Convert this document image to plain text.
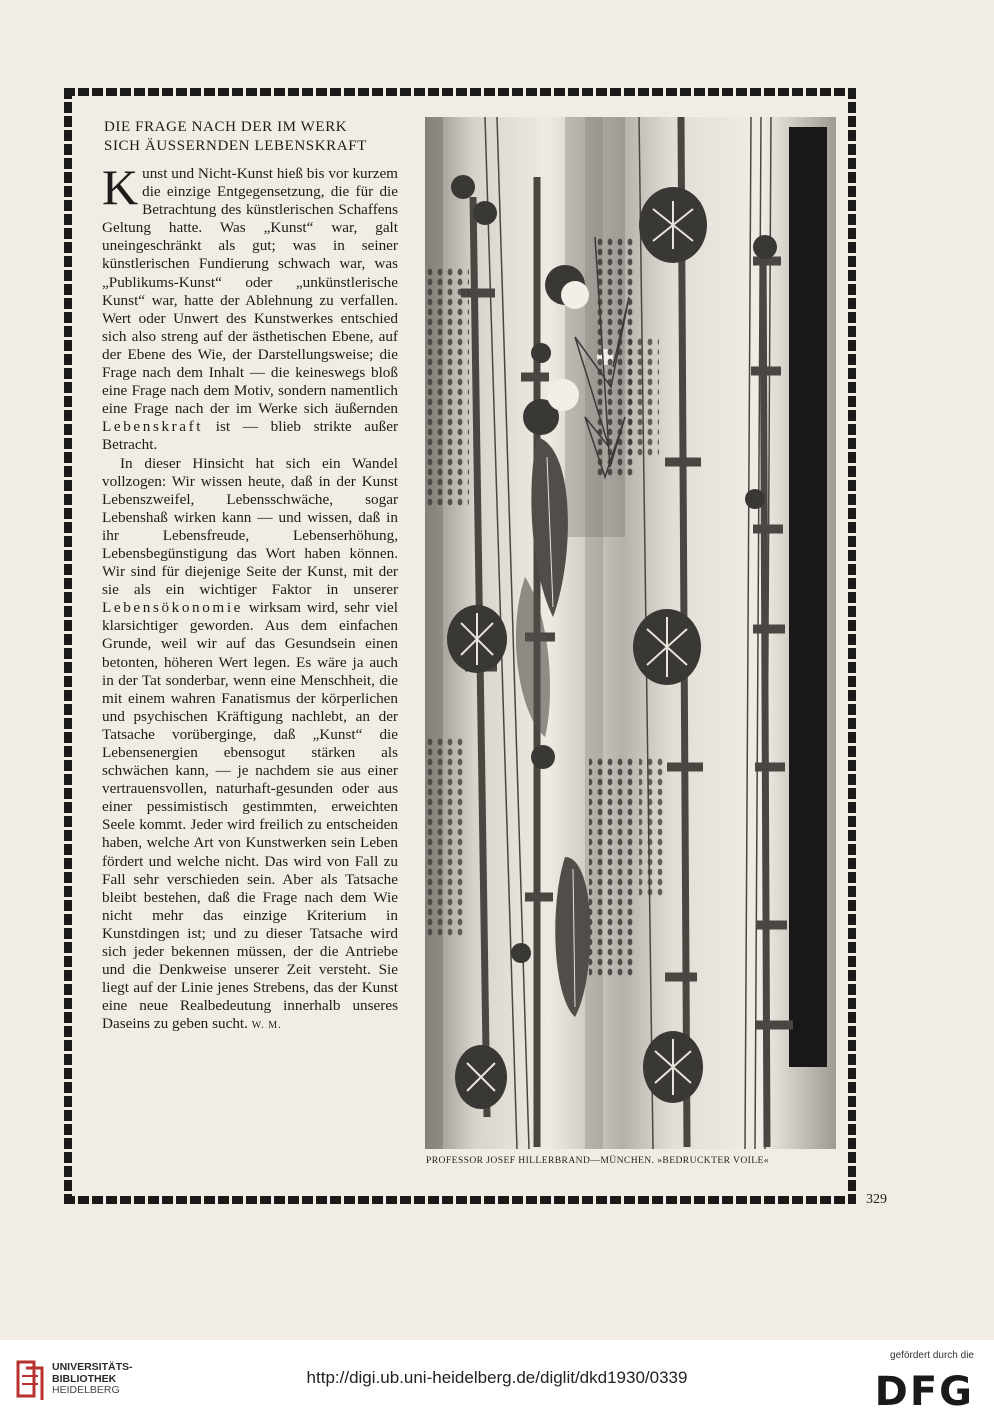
DIE FRAGE NACH DER IM WERK
SICH ÄUSSERNDEN LEBENSKRAFT

Kunst und Nicht-Kunst hieß bis vor kurzem die einzige Entgegensetzung, die für die Betrachtung des künstlerischen Schaffens Geltung hatte. Was „Kunst“ war, galt uneingeschränkt als gut; was in seiner künstlerischen Fundierung schwach war, was „Publikums-Kunst“ oder „unkünstlerische Kunst“ war, hatte der Ablehnung zu verfallen. Wert oder Unwert des Kunstwerkes entschied sich also streng auf der ästhetischen Ebene, auf der Ebene des Wie, der Darstellungsweise; die Frage nach dem Inhalt — die keineswegs bloß eine Frage nach dem Motiv, sondern namentlich eine Frage nach der im Werke sich äußernden Lebenskraft ist — blieb strikte außer Betracht.

In dieser Hinsicht hat sich ein Wandel vollzogen: Wir wissen heute, daß in der Kunst Lebenszweifel, Lebensschwäche, sogar Lebenshaß wirken kann — und wissen, daß in ihr Lebensfreude, Lebenserhöhung, Lebensbegünstigung das Wort haben können. Wir sind für diejenige Seite der Kunst, mit der sie als ein wichtiger Faktor in unserer Lebensökonomie wirksam wird, sehr viel klarsichtiger geworden. Aus dem einfachen Grunde, weil wir auf das Gesundsein einen betonten, höheren Wert legen. Es wäre ja auch in der Tat sonderbar, wenn eine Menschheit, die mit einem wahren Fanatismus der körperlichen und psychischen Kräftigung nachlebt, an der Tatsache vorüberginge, daß „Kunst“ die Lebensenergien ebensogut stärken als schwächen kann, — je nachdem sie aus einer vertrauensvollen, naturhaft-gesunden oder aus einer pessimistisch gestimmten, erweichten Seele kommt. Jeder wird freilich zu entscheiden haben, welche Art von Kunstwerken sein Leben fördert und welche nicht. Das wird von Fall zu Fall sehr verschieden sein. Aber als Tatsache bleibt bestehen, daß die Frage nach dem Wie nicht mehr das einzige Kriterium in Kunstdingen ist; und zu dieser Tatsache wird sich jeder bekennen müssen, der die Antriebe und die Denkweise unserer Zeit versteht. Sie liegt auf der Linie jenes Strebens, das der Kunst eine neue Realbedeutung innerhalb unseres Daseins zu geben sucht. W. M.

PROFESSOR JOSEF HILLERBRAND—MÜNCHEN. »BEDRUCKTER VOILE«
329
UNIVERSITÄTS-
BIBLIOTHEK
HEIDELBERG
http://digi.ub.uni-heidelberg.de/diglit/dkd1930/0339
gefördert durch die
DFG
